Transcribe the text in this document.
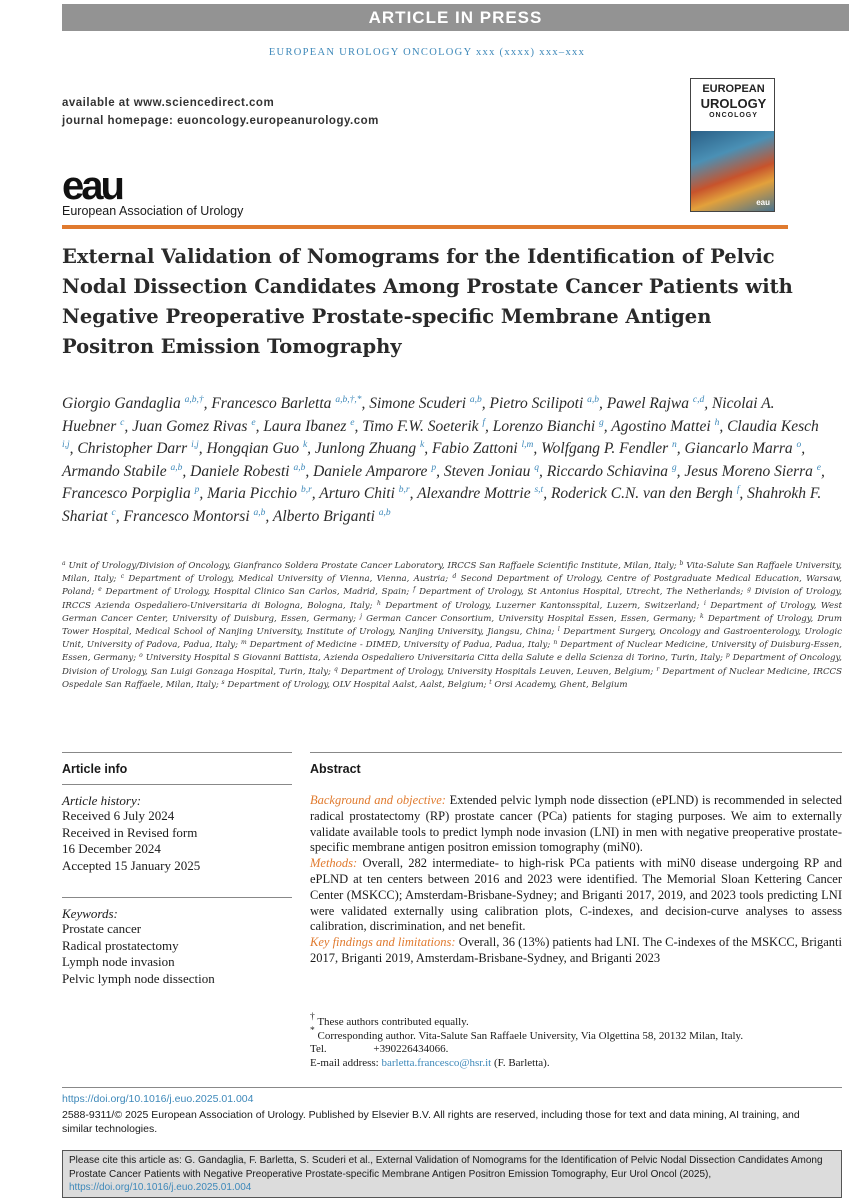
ARTICLE IN PRESS
EUROPEAN UROLOGY ONCOLOGY xxx (xxxx) xxx–xxx
available at www.sciencedirect.com
journal homepage: euoncology.europeanurology.com
EUROPEAN
UROLOGY
ONCOLOGY
eau
eau
European Association of Urology
External Validation of Nomograms for the Identification of Pelvic Nodal Dissection Candidates Among Prostate Cancer Patients with Negative Preoperative Prostate-specific Membrane Antigen Positron Emission Tomography
Giorgio Gandaglia $^{a,b,\dagger}$, Francesco Barletta $^{a,b,\dagger,*}$, Simone Scuderi $^{a,b}$, Pietro Scilipoti $^{a,b}$, Pawel Rajwa $^{c,d}$, Nicolai A. Huebner $^c$, Juan Gomez Rivas $^e$, Laura Ibanez $^e$, Timo F.W. Soeterik $^f$, Lorenzo Bianchi $^g$, Agostino Mattei $^h$, Claudia Kesch $^{i,j}$, Christopher Darr $^{i,j}$, Hongqian Guo $^k$, Junlong Zhuang $^k$, Fabio Zattoni $^{l,m}$, Wolfgang P. Fendler $^n$, Giancarlo Marra $^o$, Armando Stabile $^{a,b}$, Daniele Robesti $^{a,b}$, Daniele Amparore $^p$, Steven Joniau $^q$, Riccardo Schiavina $^g$, Jesus Moreno Sierra $^e$, Francesco Porpiglia $^p$, Maria Picchio $^{b,r}$, Arturo Chiti $^{b,r}$, Alexandre Mottrie $^{s,t}$, Roderick C.N. van den Bergh $^f$, Shahrokh F. Shariat $^c$, Francesco Montorsi $^{a,b}$, Alberto Briganti $^{a,b}$
$^a$ Unit of Urology/Division of Oncology, Gianfranco Soldera Prostate Cancer Laboratory, IRCCS San Raffaele Scientific Institute, Milan, Italy; $^b$ Vita-Salute San Raffaele University, Milan, Italy; $^c$ Department of Urology, Medical University of Vienna, Vienna, Austria; $^d$ Second Department of Urology, Centre of Postgraduate Medical Education, Warsaw, Poland; $^e$ Department of Urology, Hospital Clinico San Carlos, Madrid, Spain; $^f$ Department of Urology, St Antonius Hospital, Utrecht, The Netherlands; $^g$ Division of Urology, IRCCS Azienda Ospedaliero-Universitaria di Bologna, Bologna, Italy; $^h$ Department of Urology, Luzerner Kantonsspital, Luzern, Switzerland; $^i$ Department of Urology, West German Cancer Center, University of Duisburg, Essen, Germany; $^j$ German Cancer Consortium, University Hospital Essen, Essen, Germany; $^k$ Department of Urology, Drum Tower Hospital, Medical School of Nanjing University, Institute of Urology, Nanjing University, Jiangsu, China; $^l$ Department Surgery, Oncology and Gastroenterology, Urologic Unit, University of Padova, Padua, Italy; $^m$ Department of Medicine - DIMED, University of Padua, Padua, Italy; $^n$ Department of Nuclear Medicine, University of Duisburg-Essen, Essen, Germany; $^o$ University Hospital S Giovanni Battista, Azienda Ospedaliero Universitaria Citta della Salute e della Scienza di Torino, Turin, Italy; $^p$ Department of Oncology, Division of Urology, San Luigi Gonzaga Hospital, Turin, Italy; $^q$ Department of Urology, University Hospitals Leuven, Leuven, Belgium; $^r$ Department of Nuclear Medicine, IRCCS Ospedale San Raffaele, Milan, Italy; $^s$ Department of Urology, OLV Hospital Aalst, Aalst, Belgium; $^t$ Orsi Academy, Ghent, Belgium
Article info
Article history:
Received 6 July 2024
Received in Revised form
16 December 2024
Accepted 15 January 2025
Keywords:
Prostate cancer
Radical prostatectomy
Lymph node invasion
Pelvic lymph node dissection
Abstract

Background and objective: Extended pelvic lymph node dissection (ePLND) is recommended in selected radical prostatectomy (RP) prostate cancer (PCa) patients for staging purposes. We aim to externally validate available tools to predict lymph node invasion (LNI) in men with negative preoperative prostate-specific membrane antigen positron emission tomography (miN0).

Methods: Overall, 282 intermediate- to high-risk PCa patients with miN0 disease undergoing RP and ePLND at ten centers between 2016 and 2023 were identified. The Memorial Sloan Kettering Cancer Center (MSKCC); Amsterdam-Brisbane-Sydney; and Briganti 2017, 2019, and 2023 tools predicting LNI were validated externally using calibration plots, C-indexes, and decision-curve analyses to assess calibration, discrimination, and net benefit.

Key findings and limitations: Overall, 36 (13%) patients had LNI. The C-indexes of the MSKCC, Briganti 2017, Briganti 2019, Amsterdam-Brisbane-Sydney, and Briganti 2023

† These authors contributed equally.
* Corresponding author. Vita-Salute San Raffaele University, Via Olgettina 58, 20132 Milan, Italy.
Tel.	+390226434066.
E-mail address: barletta.francesco@hsr.it (F. Barletta).
https://doi.org/10.1016/j.euo.2025.01.004
2588-9311/© 2025 European Association of Urology. Published by Elsevier B.V. All rights are reserved, including those for text and data mining, AI training, and similar technologies.
Please cite this article as: G. Gandaglia, F. Barletta, S. Scuderi et al., External Validation of Nomograms for the Identification of Pelvic Nodal Dissection Candidates Among Prostate Cancer Patients with Negative Preoperative Prostate-specific Membrane Antigen Positron Emission Tomography, Eur Urol Oncol (2025), https://doi.org/10.1016/j.euo.2025.01.004
